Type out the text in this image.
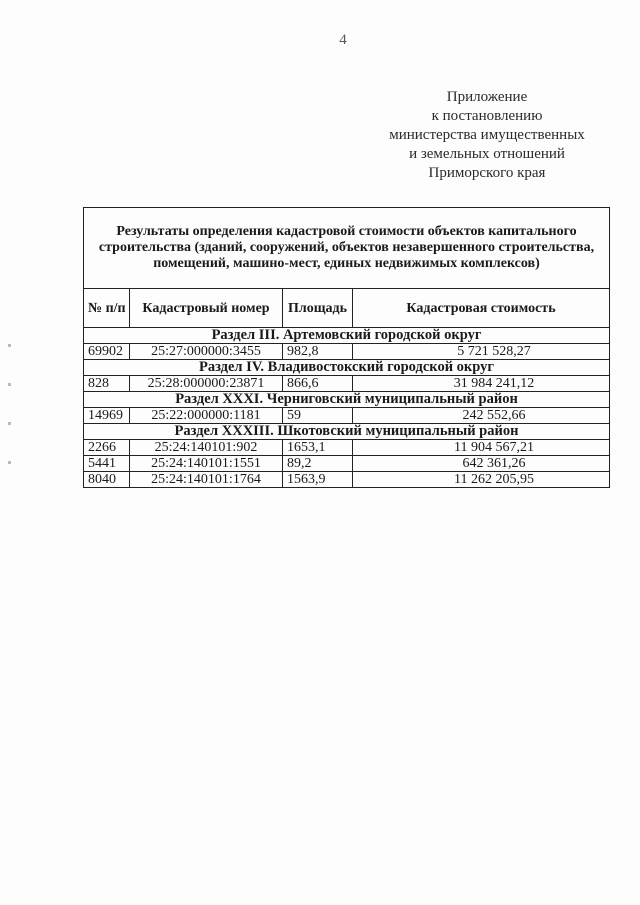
4
Приложение
к постановлению
министерства имущественных
и земельных отношений
Приморского края
Результаты определения кадастровой стоимости объектов капитального строительства (зданий, сооружений, объектов незавершенного строительства, помещений, машино-мест, единых недвижимых комплексов)			
№ п/п	Кадастровый номер	Площадь	Кадастровая стоимость
Раздел III. Артемовский городской округ			
69902	25:27:000000:3455	982,8	5 721 528,27
Раздел IV. Владивостокский городской округ			
828	25:28:000000:23871	866,6	31 984 241,12
Раздел XXXI. Черниговский муниципальный район			
14969	25:22:000000:1181	59	242 552,66
Раздел XXXIII. Шкотовский муниципальный район			
2266	25:24:140101:902	1653,1	11 904 567,21
5441	25:24:140101:1551	89,2	642 361,26
8040	25:24:140101:1764	1563,9	11 262 205,95
